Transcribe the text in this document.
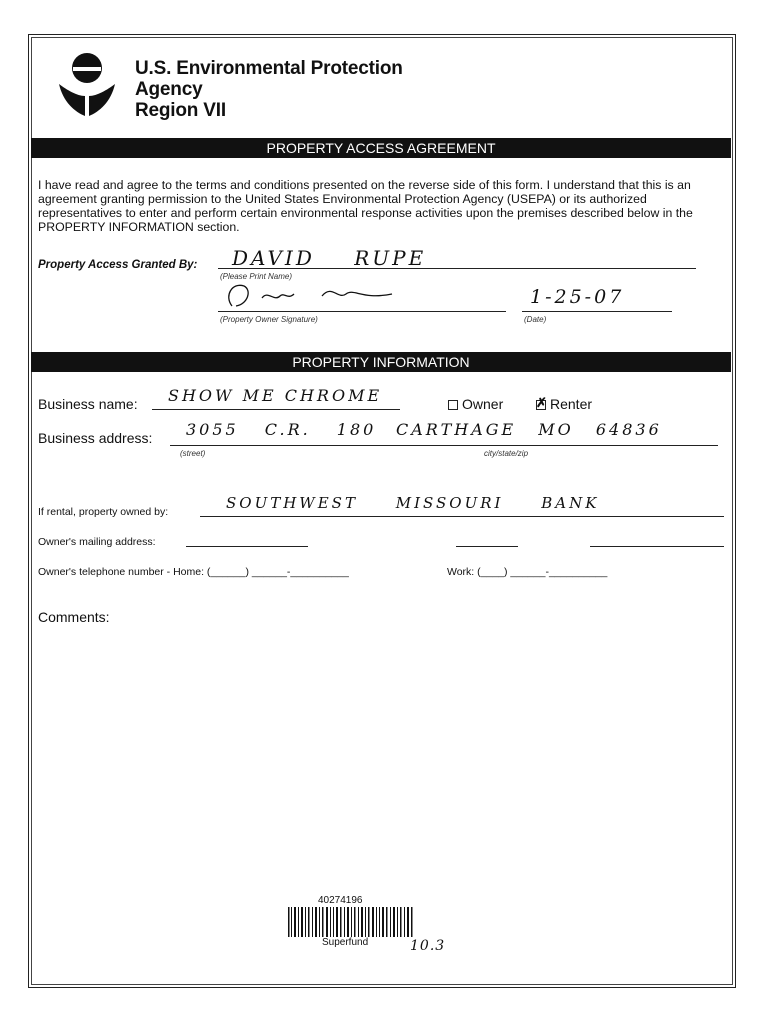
U.S. Environmental Protection
Agency
Region VII
PROPERTY ACCESS AGREEMENT
I have read and agree to the terms and conditions presented on the reverse side of this form. I understand that this is an agreement granting permission to the United States Environmental Protection Agency (USEPA) or its authorized representatives to enter and perform certain environmental response activities upon the premises described below in the PROPERTY INFORMATION section.
Property Access Granted By: DAVID RUPE
(Please Print Name)
(Property Owner Signature)
1-25-07
(Date)
PROPERTY INFORMATION
Business name: SHOW ME CHROME	Owner	✗ Renter
Business address: 3055 C.R. 180 CARTHAGE MO 64836
(street)	city/state/zip
If rental, property owned by:	SOUTHWEST MISSOURI BANK
Owner's mailing address:
Owner's telephone number - Home: (______) ______-__________	Work: (____) ______-__________
Comments:
40274196
Superfund	10.3
